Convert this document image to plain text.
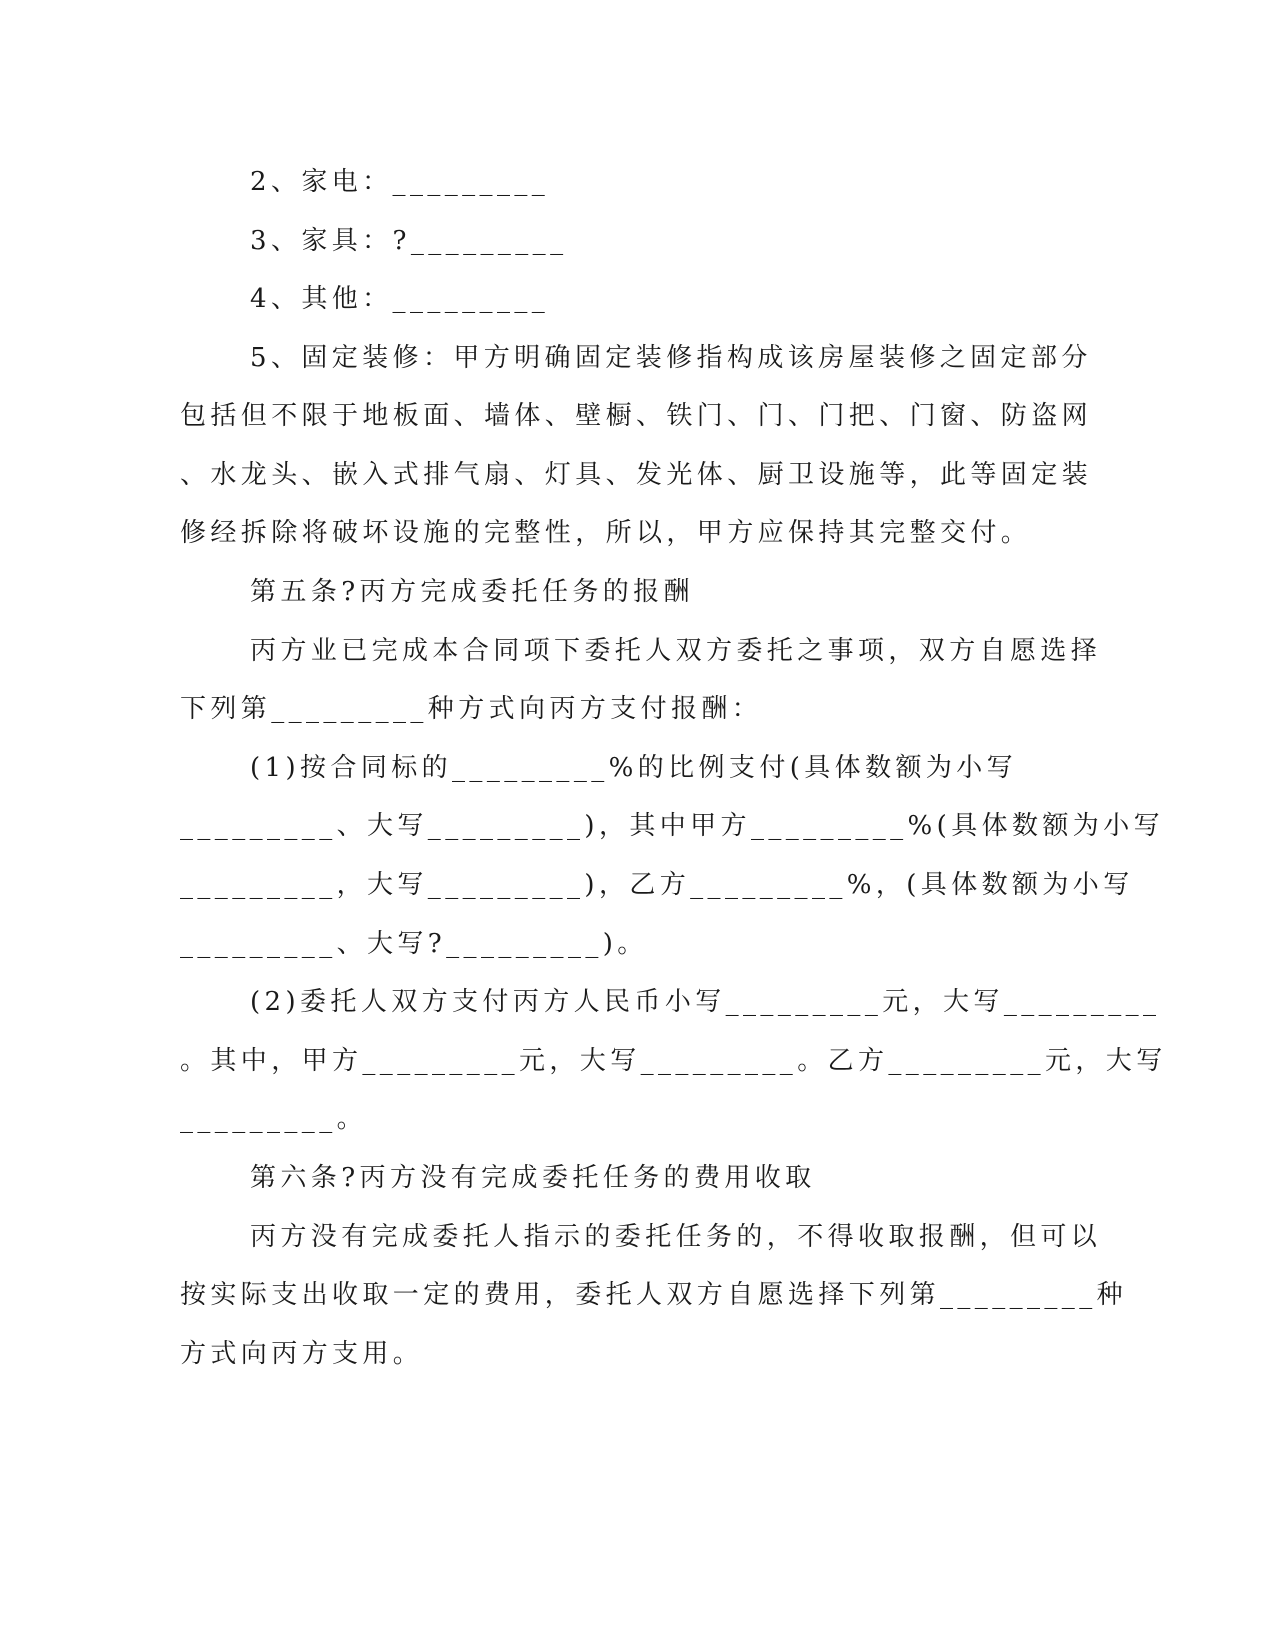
2、家电：_________

3、家具：?_________

4、其他：_________

5、固定装修：甲方明确固定装修指构成该房屋装修之固定部分

包括但不限于地板面、墙体、壁橱、铁门、门、门把、门窗、防盗网

、水龙头、嵌入式排气扇、灯具、发光体、厨卫设施等，此等固定装

修经拆除将破坏设施的完整性，所以，甲方应保持其完整交付。

第五条?丙方完成委托任务的报酬

丙方业已完成本合同项下委托人双方委托之事项，双方自愿选择

下列第_________种方式向丙方支付报酬：

(1)按合同标的_________%的比例支付(具体数额为小写

_________、大写_________)，其中甲方_________%(具体数额为小写

_________，大写_________)，乙方_________%，(具体数额为小写

_________、大写?_________)。

(2)委托人双方支付丙方人民币小写_________元，大写_________

。其中，甲方_________元，大写_________。乙方_________元，大写

_________。

第六条?丙方没有完成委托任务的费用收取

丙方没有完成委托人指示的委托任务的，不得收取报酬，但可以

按实际支出收取一定的费用，委托人双方自愿选择下列第_________种

方式向丙方支用。
